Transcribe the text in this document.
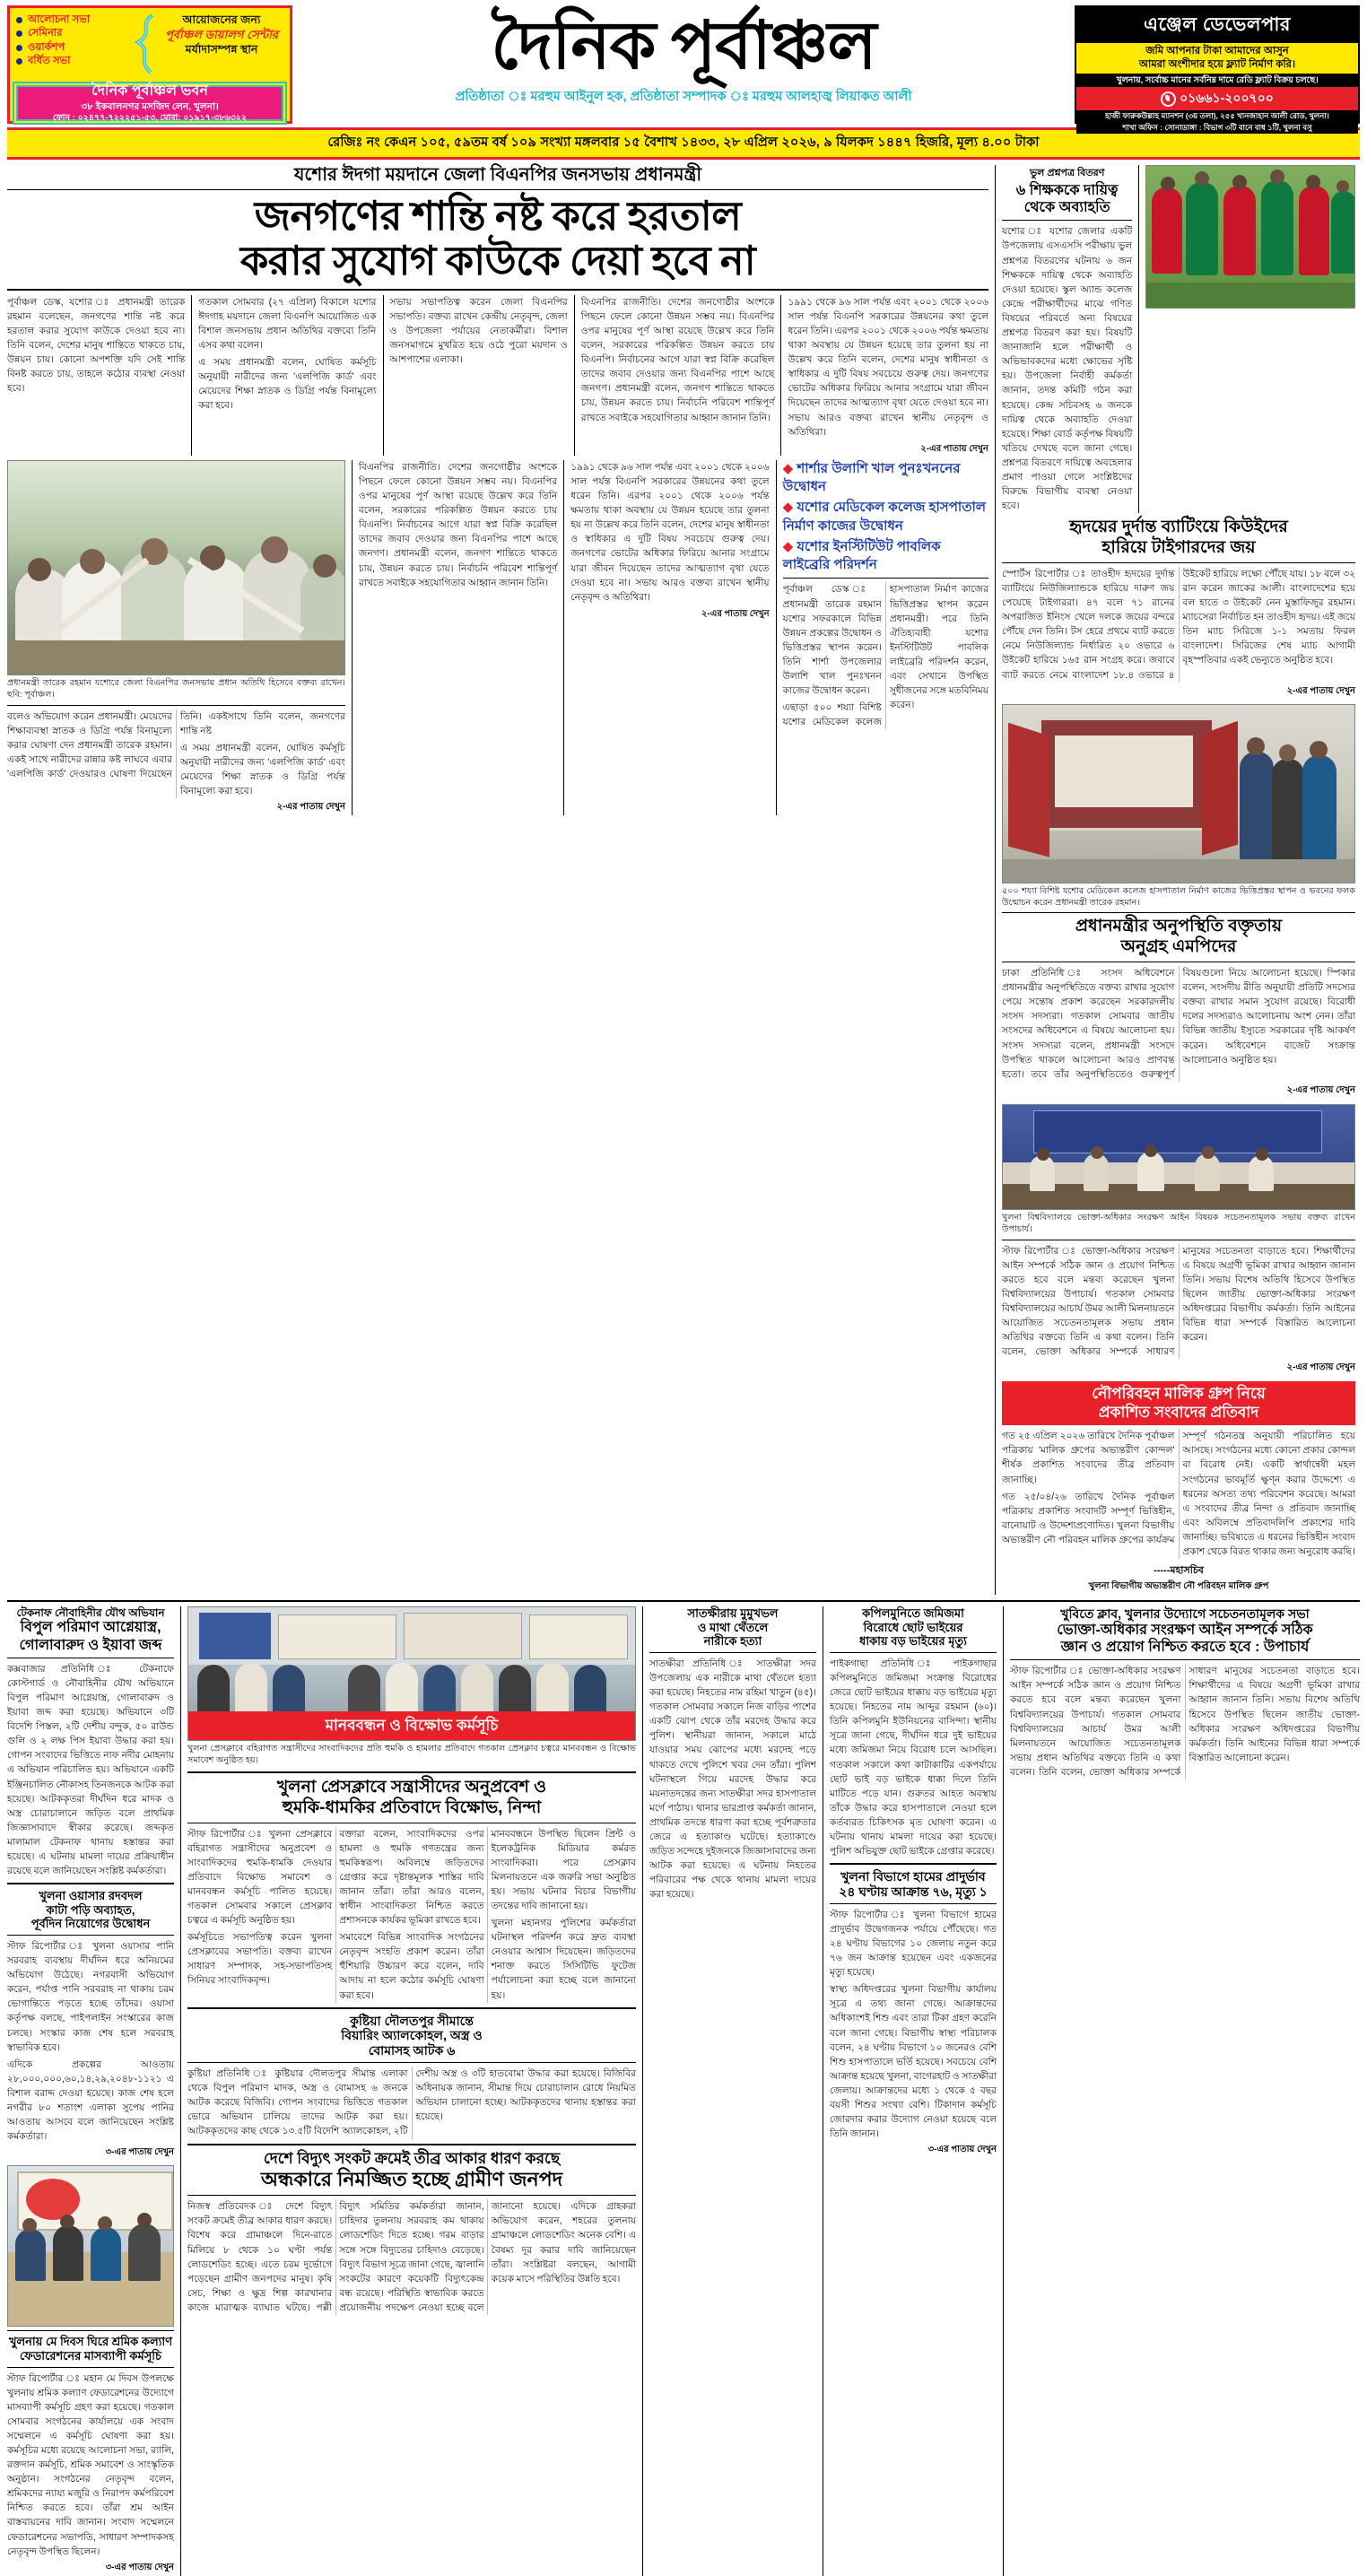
আলোচনা সভা
সেমিনার
ওয়ার্কশপ
বর্ধিত সভা
আয়োজনের জন্য
পূর্বাঞ্চল ডায়ালগ সেন্টার
মর্যাদাসম্পন্ন স্থান
দৈনিক পূর্বাঞ্চল ভবন
৩৮ ইকবালনগর মসজিদ লেন, খুলনা।
ফোন : ০২৪৭৭-৭২২২৫১-৫৩, মোবা: ০১৯১৭-৩৮৬৩২২
দৈনিক পূর্বাঞ্চল
প্রতিষ্ঠাতা ঃ মরহুম আইনুল হক, প্রতিষ্ঠাতা সম্পাদক ঃ মরহুম আলহাজ্ব লিয়াকত আলী
এঞ্জেল ডেভেলপার
জমি আপনার টাকা আমাদের আসুন
আমরা অংশীদার হয়ে ফ্ল্যাট নির্মাণ করি।
খুলনায়, সর্বোচ্চ মানের সর্বনিম্ন দামে রেডি ফ্ল্যাট বিক্রয় চলছে।
০১৬৬১-২০০৭০০
হাজী ফারুকউল্লাহ ম্যানশন (৩য় তলা), ২৫৫ খানজাহান আলী রোড, খুলনা।
শাখা অফিস : সোনাডাঙ্গা : বিভাগ ৩টি বানে বাধ ১টি, খুলনা বসু
রেজিঃ নং কেএন ১০৫, ৫৯তম বর্ষ ১০৯ সংখ্যা মঙ্গলবার ১৫ বৈশাখ ১৪৩৩, ২৮ এপ্রিল ২০২৬, ৯ যিলকদ ১৪৪৭ হিজরি, মূল্য ৪.০০ টাকা
যশোর ঈদগা ময়দানে জেলা বিএনপির জনসভায় প্রধানমন্ত্রী
জনগণের শান্তি নষ্ট করে হরতাল
করার সুযোগ কাউকে দেয়া হবে না

পূর্বাঞ্চল ডেস্ক, যশোর ঃ প্রধানমন্ত্রী তারেক রহমান বলেছেন, জনগণের শান্তি নষ্ট করে হরতাল করার সুযোগ কাউকে দেওয়া হবে না। তিনি বলেন, দেশের মানুষ শান্তিতে থাকতে চায়, উন্নয়ন চায়। কোনো অপশক্তি যদি সেই শান্তি বিনষ্ট করতে চায়, তাহলে কঠোর ব্যবস্থা নেওয়া হবে।

গতকাল সোমবার (২৭ এপ্রিল) বিকালে যশোর ঈদগাহ ময়দানে জেলা বিএনপি আয়োজিত এক বিশাল জনসভায় প্রধান অতিথির বক্তব্যে তিনি এসব কথা বলেন।

এ সময় প্রধানমন্ত্রী বলেন, ঘোষিত কর্মসূচি অনুযায়ী নারীদের জন্য 'এলপিজি কার্ড' এবং মেয়েদের শিক্ষা স্নাতক ও ডিগ্রি পর্যন্ত বিনামূল্যে করা হবে।

সভায় সভাপতিত্ব করেন জেলা বিএনপির সভাপতি। বক্তব্য রাখেন কেন্দ্রীয় নেতৃবৃন্দ, জেলা ও উপজেলা পর্যায়ের নেতাকর্মীরা। বিশাল জনসমাগমে মুখরিত হয়ে ওঠে পুরো ময়দান ও আশপাশের এলাকা।

বিএনপির রাজনীতি। দেশের জনগোষ্ঠীর অংশকে পিছনে ফেলে কোনো উন্নয়ন সম্ভব নয়। বিএনপির ওপর মানুষের পূর্ণ আস্থা রয়েছে উল্লেখ করে তিনি বলেন, সরকারের পরিকল্পিত উন্নয়ন করতে চায় বিএনপি। নির্বাচনের আগে যারা স্বপ্ন বিক্রি করেছিল তাদের জবাব দেওয়ার জন্য বিএনপির পাশে আছে জনগণ। প্রধানমন্ত্রী বলেন, জনগণ শান্তিতে থাকতে চায়, উন্নয়ন করতে চায়। নির্বাচনি পরিবেশ শান্তিপূর্ণ রাখতে সবাইকে সহযোগিতার আহ্বান জানান তিনি।

১৯৯১ থেকে ৯৬ সাল পর্যন্ত এবং ২০০১ থেকে ২০০৬ সাল পর্যন্ত বিএনপি সরকারের উন্নয়নের কথা তুলে ধরেন তিনি। এরপর ২০০১ থেকে ২০০৬ পর্যন্ত ক্ষমতায় থাকা অবস্থায় যে উন্নয়ন হয়েছে তার তুলনা হয় না উল্লেখ করে তিনি বলেন, দেশের মানুষ স্বাধীনতা ও স্বাধিকার এ দুটি বিষয় সবচেয়ে গুরুত্ব দেয়। জনগণের ভোটের অধিকার ফিরিয়ে আনার সংগ্রামে যারা জীবন দিয়েছেন তাদের আত্মত্যাগ বৃথা যেতে দেওয়া হবে না। সভায় আরও বক্তব্য রাখেন স্থানীয় নেতৃবৃন্দ ও অতিথিরা।

২-এর পাতায় দেখুন
প্রধানমন্ত্রী তারেক রহমান যশোরে জেলা বিএনপির জনসভায় প্রধান অতিথি হিসেবে বক্তব্য রাখেন। ছবি: পূর্বাঞ্চল।

বলেও অভিযোগ করেন প্রধানমন্ত্রী। মেয়েদের শিক্ষাব্যবস্থা স্নাতক ও ডিগ্রি পর্যন্ত বিনামূল্যে করার ঘোষণা দেন প্রধানমন্ত্রী তারেক রহমান। একই সাথে নারীদের রান্নার কষ্ট লাঘবে এবার 'এলপিজি কার্ড' দেওয়ারও ঘোষণা দিয়েছেন তিনি। একইসাথে তিনি বলেন, জনগণের শান্তি নষ্ট

এ সময় প্রধানমন্ত্রী বলেন, ঘোষিত কর্মসূচি অনুযায়ী নারীদের জন্য 'এলপিজি কার্ড' এবং মেয়েদের শিক্ষা স্নাতক ও ডিগ্রি পর্যন্ত বিনামূল্যে করা হবে।

২-এর পাতায় দেখুন

বিএনপির রাজনীতি। দেশের জনগোষ্ঠীর অংশকে পিছনে ফেলে কোনো উন্নয়ন সম্ভব নয়। বিএনপির ওপর মানুষের পূর্ণ আস্থা রয়েছে উল্লেখ করে তিনি বলেন, সরকারের পরিকল্পিত উন্নয়ন করতে চায় বিএনপি। নির্বাচনের আগে যারা স্বপ্ন বিক্রি করেছিল তাদের জবাব দেওয়ার জন্য বিএনপির পাশে আছে জনগণ। প্রধানমন্ত্রী বলেন, জনগণ শান্তিতে থাকতে চায়, উন্নয়ন করতে চায়। নির্বাচনি পরিবেশ শান্তিপূর্ণ রাখতে সবাইকে সহযোগিতার আহ্বান জানান তিনি।

১৯৯১ থেকে ৯৬ সাল পর্যন্ত এবং ২০০১ থেকে ২০০৬ সাল পর্যন্ত বিএনপি সরকারের উন্নয়নের কথা তুলে ধরেন তিনি। এরপর ২০০১ থেকে ২০০৬ পর্যন্ত ক্ষমতায় থাকা অবস্থায় যে উন্নয়ন হয়েছে তার তুলনা হয় না উল্লেখ করে তিনি বলেন, দেশের মানুষ স্বাধীনতা ও স্বাধিকার এ দুটি বিষয় সবচেয়ে গুরুত্ব দেয়। জনগণের ভোটের অধিকার ফিরিয়ে আনার সংগ্রামে যারা জীবন দিয়েছেন তাদের আত্মত্যাগ বৃথা যেতে দেওয়া হবে না। সভায় আরও বক্তব্য রাখেন স্থানীয় নেতৃবৃন্দ ও অতিথিরা।

২-এর পাতায় দেখুন
◆ শার্শার উলাশি খাল পুনঃখননের উদ্বোধন
◆ যশোর মেডিকেল কলেজ হাসপাতাল নির্মাণ কাজের উদ্বোধন
◆ যশোর ইনস্টিটিউট পাবলিক লাইব্রেরি পরিদর্শন

পূর্বাঞ্চল ডেস্ক ঃ প্রধানমন্ত্রী তারেক রহমান যশোর সফরকালে বিভিন্ন উন্নয়ন প্রকল্পের উদ্বোধন ও ভিত্তিপ্রস্তর স্থাপন করেন। তিনি শার্শা উপজেলার উলাশি খাল পুনঃখনন কাজের উদ্বোধন করেন।

এছাড়া ৫০০ শয্যা বিশিষ্ট যশোর মেডিকেল কলেজ হাসপাতাল নির্মাণ কাজের ভিত্তিপ্রস্তর স্থাপন করেন প্রধানমন্ত্রী। পরে তিনি ঐতিহ্যবাহী যশোর ইনস্টিটিউট পাবলিক লাইব্রেরি পরিদর্শন করেন, এবং সেখানে উপস্থিত সুধীজনের সঙ্গে মতবিনিময় করেন।

ভুল প্রশ্নপত্র বিতরণ
৬ শিক্ষককে দায়িত্ব
থেকে অব্যাহতি
যশোর ঃ যশোর জেলার একটি উপজেলায় এসএসসি পরীক্ষায় ভুল প্রশ্নপত্র বিতরণের ঘটনায় ৬ জন শিক্ষককে দায়িত্ব থেকে অব্যাহতি দেওয়া হয়েছে। স্কুল অ্যান্ড কলেজ কেন্দ্রে পরীক্ষার্থীদের মাঝে গণিত বিষয়ের পরিবর্তে অন্য বিষয়ের প্রশ্নপত্র বিতরণ করা হয়। বিষয়টি জানাজানি হলে পরীক্ষার্থী ও অভিভাবকদের মধ্যে ক্ষোভের সৃষ্টি হয়। উপজেলা নির্বাহী কর্মকর্তা জানান, তদন্ত কমিটি গঠন করা হয়েছে। কেন্দ্র সচিবসহ ৬ জনকে দায়িত্ব থেকে অব্যাহতি দেওয়া হয়েছে। শিক্ষা বোর্ড কর্তৃপক্ষ বিষয়টি খতিয়ে দেখছে বলে জানা গেছে। প্রশ্নপত্র বিতরণে দায়িত্বে অবহেলার প্রমাণ পাওয়া গেলে সংশ্লিষ্টদের বিরুদ্ধে বিভাগীয় ব্যবস্থা নেওয়া হবে।
হৃদয়ের দুর্দান্ত ব্যাটিংয়ে কিউইদের
হারিয়ে টাইগারদের জয়

স্পোর্টস রিপোর্টার ঃ তাওহীদ হৃদয়ের দুর্দান্ত ব্যাটিংয়ে নিউজিল্যান্ডকে হারিয়ে দারুণ জয় পেয়েছে টাইগাররা। ৪৭ বলে ৭১ রানের অপরাজিত ইনিংস খেলে দলকে জয়ের বন্দরে পৌঁছে দেন তিনি। টস হেরে প্রথমে ব্যাট করতে নেমে নিউজিল্যান্ড নির্ধারিত ২০ ওভারে ৬ উইকেট হারিয়ে ১৬৫ রান সংগ্রহ করে। জবাবে ব্যাট করতে নেমে বাংলাদেশ ১৮.৪ ওভারে ৪ উইকেট হারিয়ে লক্ষ্যে পৌঁছে যায়। ১৮ বলে ৩২ রান করেন জাকের আলী। বাংলাদেশের হয়ে বল হাতে ৩ উইকেট নেন মুস্তাফিজুর রহমান। ম্যাচসেরা নির্বাচিত হন তাওহীদ হৃদয়। এই জয়ে তিন ম্যাচ সিরিজে ১-১ সমতায় ফিরল বাংলাদেশ। সিরিজের শেষ ম্যাচ আগামী বৃহস্পতিবার একই ভেন্যুতে অনুষ্ঠিত হবে।

২-এর পাতায় দেখুন
৫০০ শয্যা বিশিষ্ট যশোর মেডিকেল কলেজ হাসপাতাল নির্মাণ কাজের ভিত্তিপ্রস্তর স্থাপন ও ভবনের ফলক উন্মোচন করেন প্রধানমন্ত্রী তারেক রহমান।
প্রধানমন্ত্রীর অনুপস্থিতি বক্তৃতায়
অনুগ্রহ এমপিদের

ঢাকা প্রতিনিধি ঃ সংসদ অধিবেশনে প্রধানমন্ত্রীর অনুপস্থিতিতে বক্তব্য রাখার সুযোগ পেয়ে সন্তোষ প্রকাশ করেছেন সরকারদলীয় সংসদ সদস্যরা। গতকাল সোমবার জাতীয় সংসদের অধিবেশনে এ বিষয়ে আলোচনা হয়। সংসদ সদস্যরা বলেন, প্রধানমন্ত্রী সংসদে উপস্থিত থাকলে আলোচনা আরও প্রাণবন্ত হতো। তবে তাঁর অনুপস্থিতিতেও গুরুত্বপূর্ণ বিষয়গুলো নিয়ে আলোচনা হয়েছে। স্পিকার বলেন, সংসদীয় রীতি অনুযায়ী প্রতিটি সদস্যের বক্তব্য রাখার সমান সুযোগ রয়েছে। বিরোধী দলের সদস্যরাও আলোচনায় অংশ নেন। তাঁরা বিভিন্ন জাতীয় ইস্যুতে সরকারের দৃষ্টি আকর্ষণ করেন। অধিবেশনে বাজেট সংক্রান্ত আলোচনাও অনুষ্ঠিত হয়।

২-এর পাতায় দেখুন
খুলনা বিশ্ববিদ্যালয়ে ভোক্তা-অধিকার সংরক্ষণ আইন বিষয়ক সচেতনতামূলক সভায় বক্তব্য রাখেন উপাচার্য।

স্টাফ রিপোর্টার ঃ ভোক্তা-অধিকার সংরক্ষণ আইন সম্পর্কে সঠিক জ্ঞান ও প্রয়োগ নিশ্চিত করতে হবে বলে মন্তব্য করেছেন খুলনা বিশ্ববিদ্যালয়ের উপাচার্য। গতকাল সোমবার বিশ্ববিদ্যালয়ের আচার্য উমর আলী মিলনায়তনে আয়োজিত সচেতনতামূলক সভায় প্রধান অতিথির বক্তব্যে তিনি এ কথা বলেন। তিনি বলেন, ভোক্তা অধিকার সম্পর্কে সাধারণ মানুষের সচেতনতা বাড়াতে হবে। শিক্ষার্থীদের এ বিষয়ে অগ্রণী ভূমিকা রাখার আহ্বান জানান তিনি। সভায় বিশেষ অতিথি হিসেবে উপস্থিত ছিলেন জাতীয় ভোক্তা-অধিকার সংরক্ষণ অধিদপ্তরের বিভাগীয় কর্মকর্তা। তিনি আইনের বিভিন্ন ধারা সম্পর্কে বিস্তারিত আলোচনা করেন।

২-এর পাতায় দেখুন
নৌপরিবহন মালিক গ্রুপ নিয়ে
প্রকাশিত সংবাদের প্রতিবাদ

গত ২৫ এপ্রিল ২০২৬ তারিখে দৈনিক পূর্বাঞ্চল পত্রিকায় 'মালিক গ্রুপের অভ্যন্তরীণ কোন্দল' শীর্ষক প্রকাশিত সংবাদের তীব্র প্রতিবাদ জানাচ্ছি।

গত ২৫/০৪/২৬ তারিখে দৈনিক পূর্বাঞ্চল পত্রিকায় প্রকাশিত সংবাদটি সম্পূর্ণ ভিত্তিহীন, বানোয়াট ও উদ্দেশ্যপ্রণোদিত। খুলনা বিভাগীয় অভ্যন্তরীণ নৌ পরিবহন মালিক গ্রুপের কার্যক্রম সম্পূর্ণ গঠনতন্ত্র অনুযায়ী পরিচালিত হয়ে আসছে। সংগঠনের মধ্যে কোনো প্রকার কোন্দল বা বিরোধ নেই। একটি স্বার্থান্বেষী মহল সংগঠনের ভাবমূর্তি ক্ষুণ্ন করার উদ্দেশ্যে এ ধরনের অসত্য তথ্য পরিবেশন করেছে। আমরা এ সংবাদের তীব্র নিন্দা ও প্রতিবাদ জানাচ্ছি এবং অবিলম্বে প্রতিবাদলিপি প্রকাশের দাবি জানাচ্ছি। ভবিষ্যতে এ ধরনের ভিত্তিহীন সংবাদ প্রকাশ থেকে বিরত থাকার জন্য অনুরোধ করছি।

-----মহাসচিব
খুলনা বিভাগীয় অভ্যন্তরীণ নৌ পরিবহন মালিক গ্রুপ
টেকনাফ নৌবাহিনীর যৌথ অভিযান
বিপুল পরিমাণ আগ্নেয়াস্ত্র,
গোলাবারুদ ও ইয়াবা জব্দ
কক্সবাজার প্রতিনিধি ঃ টেকনাফে কোস্টগার্ড ও নৌবাহিনীর যৌথ অভিযানে বিপুল পরিমাণ আগ্নেয়াস্ত্র, গোলাবারুদ ও ইয়াবা জব্দ করা হয়েছে। অভিযানে ৩টি বিদেশি পিস্তল, ২টি দেশীয় বন্দুক, ৫০ রাউন্ড গুলি ও ২ লক্ষ পিস ইয়াবা উদ্ধার করা হয়। গোপন সংবাদের ভিত্তিতে নাফ নদীর মোহনায় এ অভিযান পরিচালিত হয়। অভিযানে একটি ইঞ্জিনচালিত নৌকাসহ তিনজনকে আটক করা হয়েছে। আটককৃতরা দীর্ঘদিন ধরে মাদক ও অস্ত্র চোরাচালানে জড়িত বলে প্রাথমিক জিজ্ঞাসাবাদে স্বীকার করেছে। জব্দকৃত মালামাল টেকনাফ থানায় হস্তান্তর করা হয়েছে। এ ঘটনায় মামলা দায়ের প্রক্রিয়াধীন রয়েছে বলে জানিয়েছেন সংশ্লিষ্ট কর্মকর্তারা।
খুলনা ওয়াসার রদবদল
কাটা পড়ি অব্যাহত,
পূর্বদিন নিয়োগের উদ্বোধন
স্টাফ রিপোর্টার ঃ খুলনা ওয়াসার পানি সরবরাহ ব্যবস্থায় দীর্ঘদিন ধরে অনিয়মের অভিযোগ উঠেছে। নগরবাসী অভিযোগ করেন, পর্যাপ্ত পানি সরবরাহ না থাকায় চরম ভোগান্তিতে পড়তে হচ্ছে তাঁদের। ওয়াসা কর্তৃপক্ষ বলছে, পাইপলাইন সংস্কারের কাজ চলছে। সংস্কার কাজ শেষ হলে সরবরাহ স্বাভাবিক হবে।
এদিকে প্রকল্পের আওতায় ২৮,০০০,০০০,৬০,১৪,২৯,২০৪৮-১১২১ এ বিশাল বরাদ্দ দেওয়া হয়েছে। কাজ শেষ হলে নগরীর ৮০ শতাংশ এলাকা সুপেয় পানির আওতায় আসবে বলে জানিয়েছেন সংশ্লিষ্ট কর্মকর্তারা।
৩-এর পাতায় দেখুন
খুলনায় মে দিবস ঘিরে শ্রমিক কল্যাণ
ফেডারেশনের মাসব্যাপী কর্মসূচি
স্টাফ রিপোর্টার ঃ মহান মে দিবস উপলক্ষে খুলনায় শ্রমিক কল্যাণ ফেডারেশনের উদ্যোগে মাসব্যাপী কর্মসূচি গ্রহণ করা হয়েছে। গতকাল সোমবার সংগঠনের কার্যালয়ে এক সংবাদ সম্মেলনে এ কর্মসূচি ঘোষণা করা হয়। কর্মসূচির মধ্যে রয়েছে আলোচনা সভা, র‍্যালি, রক্তদান কর্মসূচি, শ্রমিক সমাবেশ ও সাংস্কৃতিক অনুষ্ঠান। সংগঠনের নেতৃবৃন্দ বলেন, শ্রমিকদের ন্যায্য মজুরি ও নিরাপদ কর্মপরিবেশ নিশ্চিত করতে হবে। তাঁরা শ্রম আইন বাস্তবায়নের দাবি জানান। সংবাদ সম্মেলনে ফেডারেশনের সভাপতি, সাধারণ সম্পাদকসহ নেতৃবৃন্দ উপস্থিত ছিলেন।
৩-এর পাতায় দেখুন
মানববন্ধন ও বিক্ষোভ কর্মসূচি
খুলনা প্রেসক্লাবে বহিরাগত সন্ত্রাসীদের সাংবাদিকদের প্রতি হুমকি ও হামলার প্রতিবাদে গতকাল প্রেসক্লাব চত্বরে মানববন্ধন ও বিক্ষোভ সমাবেশ অনুষ্ঠিত হয়।
খুলনা প্রেসক্লাবে সন্ত্রাসীদের অনুপ্রবেশ ও
হুমকি-ধামকির প্রতিবাদে বিক্ষোভ, নিন্দা

স্টাফ রিপোর্টার ঃ খুলনা প্রেসক্লাবে বহিরাগত সন্ত্রাসীদের অনুপ্রবেশ ও সাংবাদিকদের হুমকি-ধামকি দেওয়ার প্রতিবাদে বিক্ষোভ সমাবেশ ও মানববন্ধন কর্মসূচি পালিত হয়েছে। গতকাল সোমবার সকালে প্রেসক্লাব চত্বরে এ কর্মসূচি অনুষ্ঠিত হয়।

কর্মসূচিতে সভাপতিত্ব করেন খুলনা প্রেসক্লাবের সভাপতি। বক্তব্য রাখেন সাধারণ সম্পাদক, সহ-সভাপতিসহ সিনিয়র সাংবাদিকবৃন্দ।

বক্তারা বলেন, সাংবাদিকদের ওপর হামলা ও হুমকি গণতন্ত্রের জন্য হুমকিস্বরূপ। অবিলম্বে জড়িতদের গ্রেপ্তার করে দৃষ্টান্তমূলক শাস্তির দাবি জানান তাঁরা। তাঁরা আরও বলেন, স্বাধীন সাংবাদিকতা নিশ্চিত করতে প্রশাসনকে কার্যকর ভূমিকা রাখতে হবে।

সমাবেশে বিভিন্ন সাংবাদিক সংগঠনের নেতৃবৃন্দ সংহতি প্রকাশ করেন। তাঁরা হুঁশিয়ারি উচ্চারণ করে বলেন, দাবি আদায় না হলে কঠোর কর্মসূচি ঘোষণা করা হবে।

মানববন্ধনে উপস্থিত ছিলেন প্রিন্ট ও ইলেকট্রনিক মিডিয়ার কর্মরত সাংবাদিকরা। পরে প্রেসক্লাব মিলনায়তনে এক জরুরি সভা অনুষ্ঠিত হয়। সভায় ঘটনার বিচার বিভাগীয় তদন্তের দাবি জানানো হয়।

খুলনা মহানগর পুলিশের কর্মকর্তারা ঘটনাস্থল পরিদর্শন করে দ্রুত ব্যবস্থা নেওয়ার আশ্বাস দিয়েছেন। জড়িতদের শনাক্ত করতে সিসিটিভি ফুটেজ পর্যালোচনা করা হচ্ছে বলে জানানো হয়।

কুষ্টিয়া দৌলতপুর সীমান্তে
বিয়ারিং অ্যালকোহল, অস্ত্র ও
বোমাসহ আটক ৬

কুষ্টিয়া প্রতিনিধি ঃ কুষ্টিয়ার দৌলতপুর সীমান্ত এলাকা থেকে বিপুল পরিমাণ মাদক, অস্ত্র ও বোমাসহ ৬ জনকে আটক করেছে বিজিবি। গোপন সংবাদের ভিত্তিতে গতকাল ভোরে অভিযান চালিয়ে তাদের আটক করা হয়। আটককৃতদের কাছ থেকে ১৩.৫টি বিদেশি অ্যালকোহল, ২টি দেশীয় অস্ত্র ও ৩টি হাতবোমা উদ্ধার করা হয়েছে। বিজিবির অধিনায়ক জানান, সীমান্ত দিয়ে চোরাচালান রোধে নিয়মিত অভিযান চালানো হচ্ছে। আটককৃতদের থানায় হস্তান্তর করা হয়েছে।

দেশে বিদ্যুৎ সংকট ক্রমেই তীব্র আকার ধারণ করছে
অন্ধকারে নিমজ্জিত হচ্ছে গ্রামীণ জনপদ

নিজস্ব প্রতিবেদক ঃ দেশে বিদ্যুৎ সংকট ক্রমেই তীব্র আকার ধারণ করছে। বিশেষ করে গ্রামাঞ্চলে দিনে-রাতে মিলিয়ে ৮ থেকে ১০ ঘণ্টা পর্যন্ত লোডশেডিং হচ্ছে। এতে চরম দুর্ভোগে পড়েছেন গ্রামীণ জনপদের মানুষ। কৃষি সেচ, শিক্ষা ও ক্ষুদ্র শিল্প কারখানার কাজে মারাত্মক ব্যাঘাত ঘটছে। পল্লী বিদ্যুৎ সমিতির কর্মকর্তারা জানান, চাহিদার তুলনায় সরবরাহ কম থাকায় লোডশেডিং দিতে হচ্ছে। গরম বাড়ার সঙ্গে সঙ্গে বিদ্যুতের চাহিদাও বেড়েছে। বিদ্যুৎ বিভাগ সূত্রে জানা গেছে, জ্বালানি সংকটের কারণে কয়েকটি বিদ্যুৎকেন্দ্র বন্ধ রয়েছে। পরিস্থিতি স্বাভাবিক করতে প্রয়োজনীয় পদক্ষেপ নেওয়া হচ্ছে বলে জানানো হয়েছে। এদিকে গ্রাহকরা অভিযোগ করেন, শহরের তুলনায় গ্রামাঞ্চলে লোডশেডিং অনেক বেশি। এ বৈষম্য দূর করার দাবি জানিয়েছেন তাঁরা। সংশ্লিষ্টরা বলছেন, আগামী কয়েক মাসে পরিস্থিতির উন্নতি হবে।

সাতক্ষীরায় মুমুখভল
ও মাথা থেঁতলে
নারীকে হত্যা
সাতক্ষীরা প্রতিনিধি ঃ সাতক্ষীরা সদর উপজেলায় এক নারীকে মাথা থেঁতলে হত্যা করা হয়েছে। নিহতের নাম রহিমা খাতুন (৪৫)। গতকাল সোমবার সকালে নিজ বাড়ির পাশের একটি ঝোপ থেকে তাঁর মরদেহ উদ্ধার করে পুলিশ। স্থানীয়রা জানান, সকালে মাঠে যাওয়ার সময় ঝোপের মধ্যে মরদেহ পড়ে থাকতে দেখে পুলিশে খবর দেন তাঁরা। পুলিশ ঘটনাস্থলে গিয়ে মরদেহ উদ্ধার করে ময়নাতদন্তের জন্য সাতক্ষীরা সদর হাসপাতাল মর্গে পাঠায়। থানার ভারপ্রাপ্ত কর্মকর্তা জানান, প্রাথমিক তদন্তে ধারণা করা হচ্ছে পূর্বশত্রুতার জেরে এ হত্যাকাণ্ড ঘটেছে। হত্যাকাণ্ডে জড়িত সন্দেহে দুইজনকে জিজ্ঞাসাবাদের জন্য আটক করা হয়েছে। এ ঘটনায় নিহতের পরিবারের পক্ষ থেকে থানায় মামলা দায়ের করা হয়েছে।
কপিলমুনিতে জমিজমা
বিরোধে ছোট ভাইয়ের
ধাকায় বড় ভাইয়ের মৃত্যু
পাইকগাছা প্রতিনিধি ঃ পাইকগাছার কপিলমুনিতে জমিজমা সংক্রান্ত বিরোধের জেরে ছোট ভাইয়ের ধাক্কায় বড় ভাইয়ের মৃত্যু হয়েছে। নিহতের নাম আব্দুর রহমান (৬০)। তিনি কপিলমুনি ইউনিয়নের বাসিন্দা। স্থানীয় সূত্রে জানা গেছে, দীর্ঘদিন ধরে দুই ভাইয়ের মধ্যে জমিজমা নিয়ে বিরোধ চলে আসছিল। গতকাল সকালে কথা কাটাকাটির একপর্যায়ে ছোট ভাই বড় ভাইকে ধাক্কা দিলে তিনি মাটিতে পড়ে যান। গুরুতর আহত অবস্থায় তাঁকে উদ্ধার করে হাসপাতালে নেওয়া হলে কর্তব্যরত চিকিৎসক মৃত ঘোষণা করেন। এ ঘটনায় থানায় মামলা দায়ের করা হয়েছে। পুলিশ অভিযুক্ত ছোট ভাইকে গ্রেপ্তার করেছে।
খুলনা বিভাগে হামের প্রাদুর্ভাব
২৪ ঘণ্টায় আক্রান্ত ৭৬, মৃত্যু ১
স্টাফ রিপোর্টার ঃ খুলনা বিভাগে হামের প্রাদুর্ভাব উদ্বেগজনক পর্যায়ে পৌঁছেছে। গত ২৪ ঘণ্টায় বিভাগের ১০ জেলায় নতুন করে ৭৬ জন আক্রান্ত হয়েছেন এবং একজনের মৃত্যু হয়েছে।
স্বাস্থ্য অধিদপ্তরের খুলনা বিভাগীয় কার্যালয় সূত্রে এ তথ্য জানা গেছে। আক্রান্তদের অধিকাংশই শিশু এবং তারা টিকা গ্রহণ করেনি বলে জানা গেছে। বিভাগীয় স্বাস্থ্য পরিচালক বলেন, ২৪ ঘণ্টায় বিভাগে ১০ জনেরও বেশি শিশু হাসপাতালে ভর্তি হয়েছে। সবচেয়ে বেশি আক্রান্ত হয়েছে খুলনা, বাগেরহাট ও সাতক্ষীরা জেলায়। আক্রান্তদের মধ্যে ১ থেকে ৫ বছর বয়সী শিশুর সংখ্যা বেশি। টিকাদান কর্মসূচি জোরদার করার উদ্যোগ নেওয়া হয়েছে বলে তিনি জানান।
৩-এর পাতায় দেখুন
খুবিতে ক্লাব, খুলনার উদ্যোগে সচেতনতামূলক সভা
ভোক্তা-অধিকার সংরক্ষণ আইন সম্পর্কে সঠিক
জ্ঞান ও প্রয়োগ নিশ্চিত করতে হবে : উপাচার্য

স্টাফ রিপোর্টার ঃ ভোক্তা-অধিকার সংরক্ষণ আইন সম্পর্কে সঠিক জ্ঞান ও প্রয়োগ নিশ্চিত করতে হবে বলে মন্তব্য করেছেন খুলনা বিশ্ববিদ্যালয়ের উপাচার্য। গতকাল সোমবার বিশ্ববিদ্যালয়ের আচার্য উমর আলী মিলনায়তনে আয়োজিত সচেতনতামূলক সভায় প্রধান অতিথির বক্তব্যে তিনি এ কথা বলেন। তিনি বলেন, ভোক্তা অধিকার সম্পর্কে সাধারণ মানুষের সচেতনতা বাড়াতে হবে। শিক্ষার্থীদের এ বিষয়ে অগ্রণী ভূমিকা রাখার আহ্বান জানান তিনি। সভায় বিশেষ অতিথি হিসেবে উপস্থিত ছিলেন জাতীয় ভোক্তা-অধিকার সংরক্ষণ অধিদপ্তরের বিভাগীয় কর্মকর্তা। তিনি আইনের বিভিন্ন ধারা সম্পর্কে বিস্তারিত আলোচনা করেন।
